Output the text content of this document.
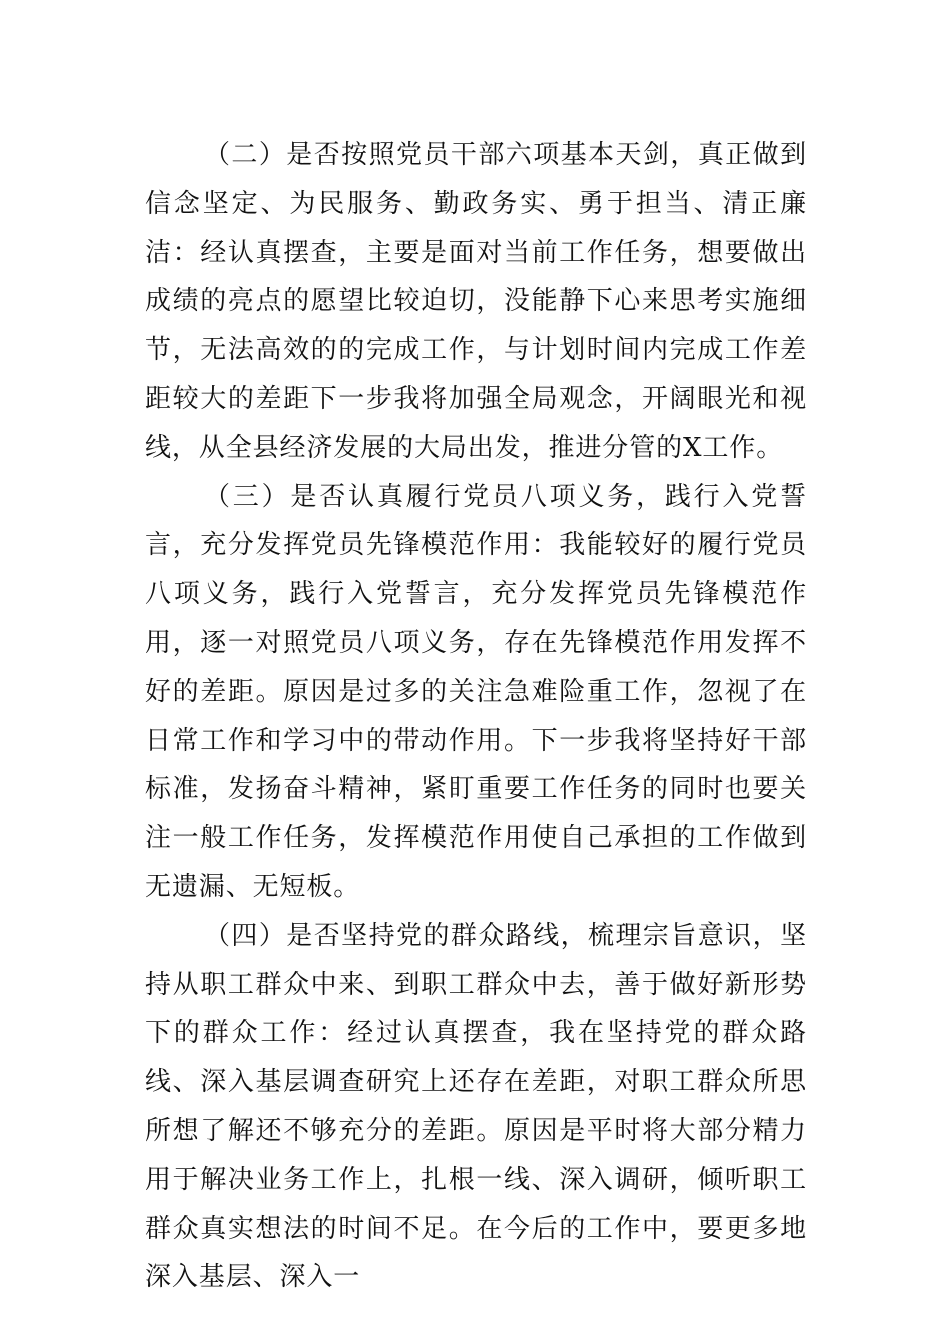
（二）是否按照党员干部六项基本天剑，真正做到信念坚定、为民服务、勤政务实、勇于担当、清正廉洁：经认真摆查，主要是面对当前工作任务，想要做出成绩的亮点的愿望比较迫切，没能静下心来思考实施细节，无法高效的的完成工作，与计划时间内完成工作差距较大的差距下一步我将加强全局观念，开阔眼光和视线，从全县经济发展的大局出发，推进分管的X工作。

（三）是否认真履行党员八项义务，践行入党誓言，充分发挥党员先锋模范作用：我能较好的履行党员八项义务，践行入党誓言，充分发挥党员先锋模范作用，逐一对照党员八项义务，存在先锋模范作用发挥不好的差距。原因是过多的关注急难险重工作，忽视了在日常工作和学习中的带动作用。下一步我将坚持好干部标准，发扬奋斗精神，紧盯重要工作任务的同时也要关注一般工作任务，发挥模范作用使自己承担的工作做到无遗漏、无短板。

（四）是否坚持党的群众路线，梳理宗旨意识，坚持从职工群众中来、到职工群众中去，善于做好新形势下的群众工作：经过认真摆查，我在坚持党的群众路线、深入基层调查研究上还存在差距，对职工群众所思所想了解还不够充分的差距。原因是平时将大部分精力用于解决业务工作上，扎根一线、深入调研，倾听职工群众真实想法的时间不足。在今后的工作中，要更多地深入基层、深入一
